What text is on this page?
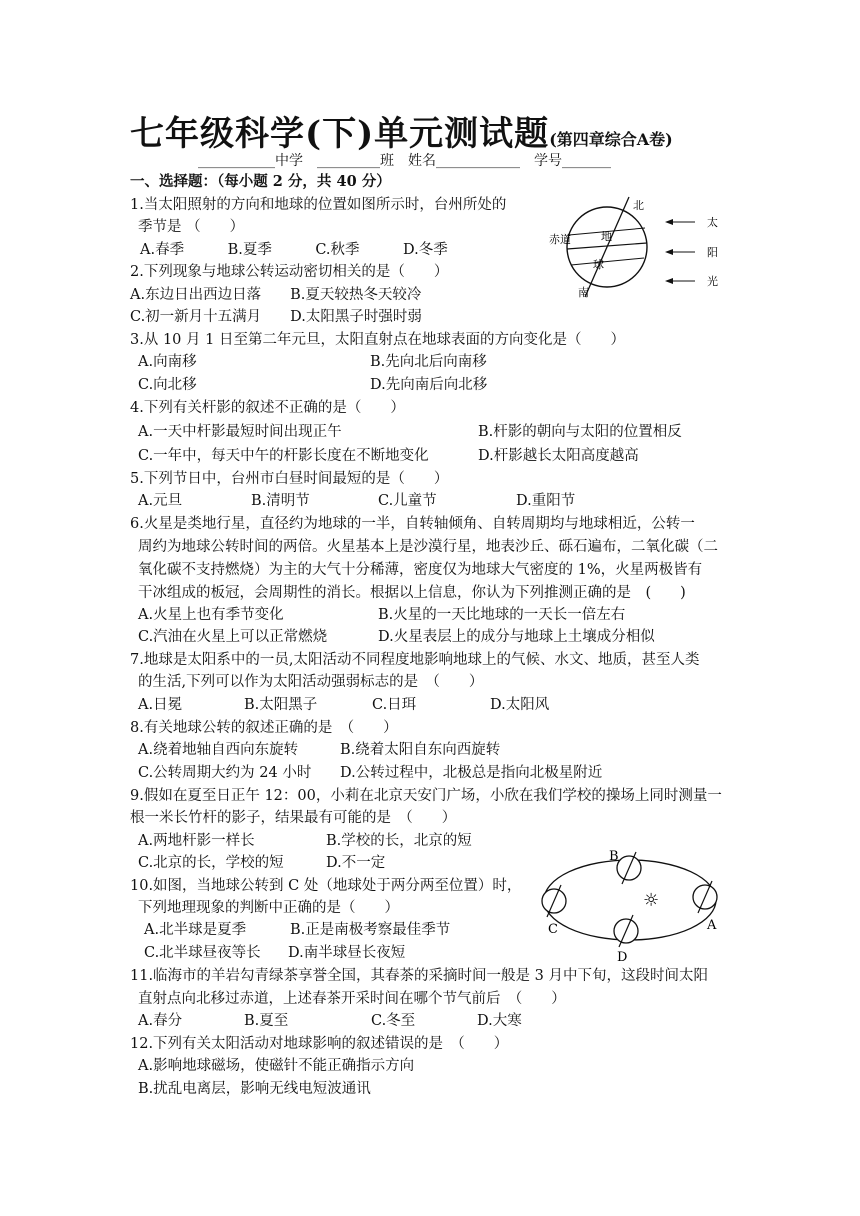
七年级科学(下)单元测试题(第四章综合A卷)
___________中学　_________班　姓名____________　学号_______
一、选择题：（每小题 2 分，共 40 分）
1.当太阳照射的方向和地球的位置如图所示时，台州所处的
季节是 （　　）
A.春季　　　B.夏季　　　C.秋季　　　D.冬季
2.下列现象与地球公转运动密切相关的是（　　）
A.东边日出西边日落　　B.夏天较热冬天较冷
C.初一新月十五满月　　D.太阳黑子时强时弱
3.从 10 月 1 日至第二年元旦，太阳直射点在地球表面的方向变化是（　　）
A.向南移	B.先向北后向南移
C.向北移	D.先向南后向北移
4.下列有关杆影的叙述不正确的是（　　）
A.一天中杆影最短时间出现正午	B.杆影的朝向与太阳的位置相反
C.一年中，每天中午的杆影长度在不断地变化	D.杆影越长太阳高度越高
5.下列节日中，台州市白昼时间最短的是（　　）
A.元旦	B.清明节	C.儿童节	D.重阳节
6.火星是类地行星，直径约为地球的一半，自转轴倾角、自转周期均与地球相近，公转一
周约为地球公转时间的两倍。火星基本上是沙漠行星，地表沙丘、砾石遍布，二氧化碳（二
氧化碳不支持燃烧）为主的大气十分稀薄，密度仅为地球大气密度的 1%，火星两极皆有
干冰组成的板冠，会周期性的消长。根据以上信息，你认为下列推测正确的是　(　　)
A.火星上也有季节变化	B.火星的一天比地球的一天长一倍左右
C.汽油在火星上可以正常燃烧	D.火星表层上的成分与地球上土壤成分相似
7.地球是太阳系中的一员,太阳活动不同程度地影响地球上的气候、水文、地质，甚至人类
的生活,下列可以作为太阳活动强弱标志的是　（　　）
A.日冕	B.太阳黑子	C.日珥	D.太阳风
8.有关地球公转的叙述正确的是　（　　）
A.绕着地轴自西向东旋转	B.绕着太阳自东向西旋转
C.公转周期大约为 24 小时 D.公转过程中，北极总是指向北极星附近
9.假如在夏至日正午 12：00，小莉在北京天安门广场，小欣在我们学校的操场上同时测量一
根一米长竹杆的影子，结果最有可能的是　（　　）
A.两地杆影一样长	B.学校的长，北京的短
C.北京的长，学校的短	D.不一定
10.如图，当地球公转到 C 处（地球处于两分两至位置）时，
下列地理现象的判断中正确的是（　　）
A.北半球是夏季	B.正是南极考察最佳季节
C.北半球昼夜等长 D.南半球昼长夜短
11.临海市的羊岩勾青绿茶享誉全国，其春茶的采摘时间一般是 3 月中下旬，这段时间太阳
直射点向北移过赤道，上述春茶开采时间在哪个节气前后　（　　）
A.春分	B.夏至	C.冬至	D.大寒
12.下列有关太阳活动对地球影响的叙述错误的是　（　　）
A.影响地球磁场，使磁针不能正确指示方向
B.扰乱电离层，影响无线电短波通讯
北
南
赤道	地
球
太
阳
光
☼
B
A
C
D
